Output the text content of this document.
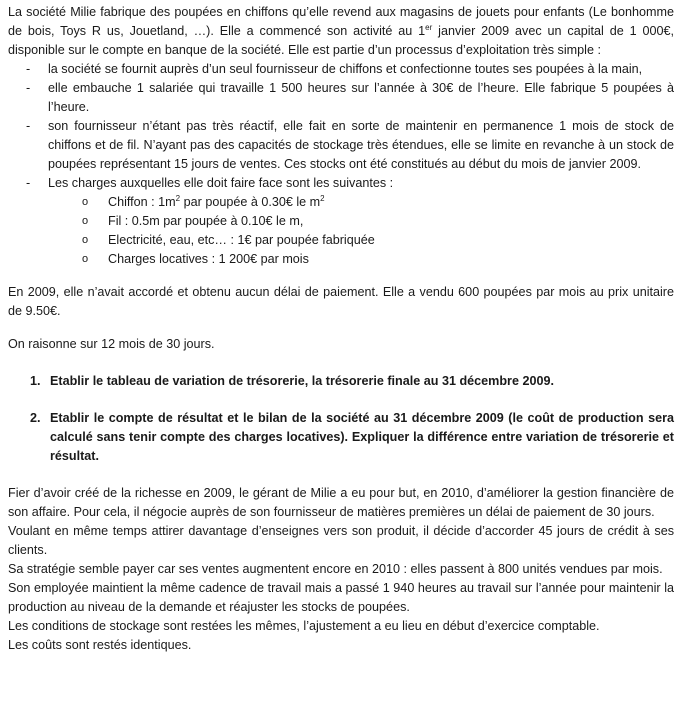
La société Milie fabrique des poupées en chiffons qu’elle revend aux magasins de jouets pour enfants (Le bonhomme de bois, Toys R us, Jouetland, …). Elle a commencé son activité au 1er janvier 2009 avec un capital de 1 000€, disponible sur le compte en banque de la société. Elle est partie d’un processus d’exploitation très simple :

- la société se fournit auprès d’un seul fournisseur de chiffons et confectionne toutes ses poupées à la main,
- elle embauche 1 salariée qui travaille 1 500 heures sur l’année à 30€ de l’heure. Elle fabrique 5 poupées à l’heure.
- son fournisseur n’étant pas très réactif, elle fait en sorte de maintenir en permanence 1 mois de stock de chiffons et de fil. N’ayant pas des capacités de stockage très étendues, elle se limite en revanche à un stock de poupées représentant 15 jours de ventes. Ces stocks ont été constitués au début du mois de janvier 2009.
- Les charges auxquelles elle doit faire face sont les suivantes :
o Chiffon : $1m^2$ par poupée à 0.30€ le $m^2$
o Fil : 0.5m par poupée à 0.10€ le m,
o Electricité, eau, etc… : 1€ par poupée fabriquée
o Charges locatives : 1 200€ par mois

En 2009, elle n’avait accordé et obtenu aucun délai de paiement. Elle a vendu 600 poupées par mois au prix unitaire de 9.50€.

On raisonne sur 12 mois de 30 jours.

1. Etablir le tableau de variation de trésorerie, la trésorerie finale au 31 décembre 2009.
2. Etablir le compte de résultat et le bilan de la société au 31 décembre 2009 (le coût de production sera calculé sans tenir compte des charges locatives). Expliquer la différence entre variation de trésorerie et résultat.

Fier d’avoir créé de la richesse en 2009, le gérant de Milie a eu pour but, en 2010, d’améliorer la gestion financière de son affaire. Pour cela, il négocie auprès de son fournisseur de matières premières un délai de paiement de 30 jours.

Voulant en même temps attirer davantage d’enseignes vers son produit, il décide d’accorder 45 jours de crédit à ses clients.

Sa stratégie semble payer car ses ventes augmentent encore en 2010 : elles passent à 800 unités vendues par mois.

Son employée maintient la même cadence de travail mais a passé 1 940 heures au travail sur l’année pour maintenir la production au niveau de la demande et réajuster les stocks de poupées.

Les conditions de stockage sont restées les mêmes, l’ajustement a eu lieu en début d’exercice comptable.

Les coûts sont restés identiques.
